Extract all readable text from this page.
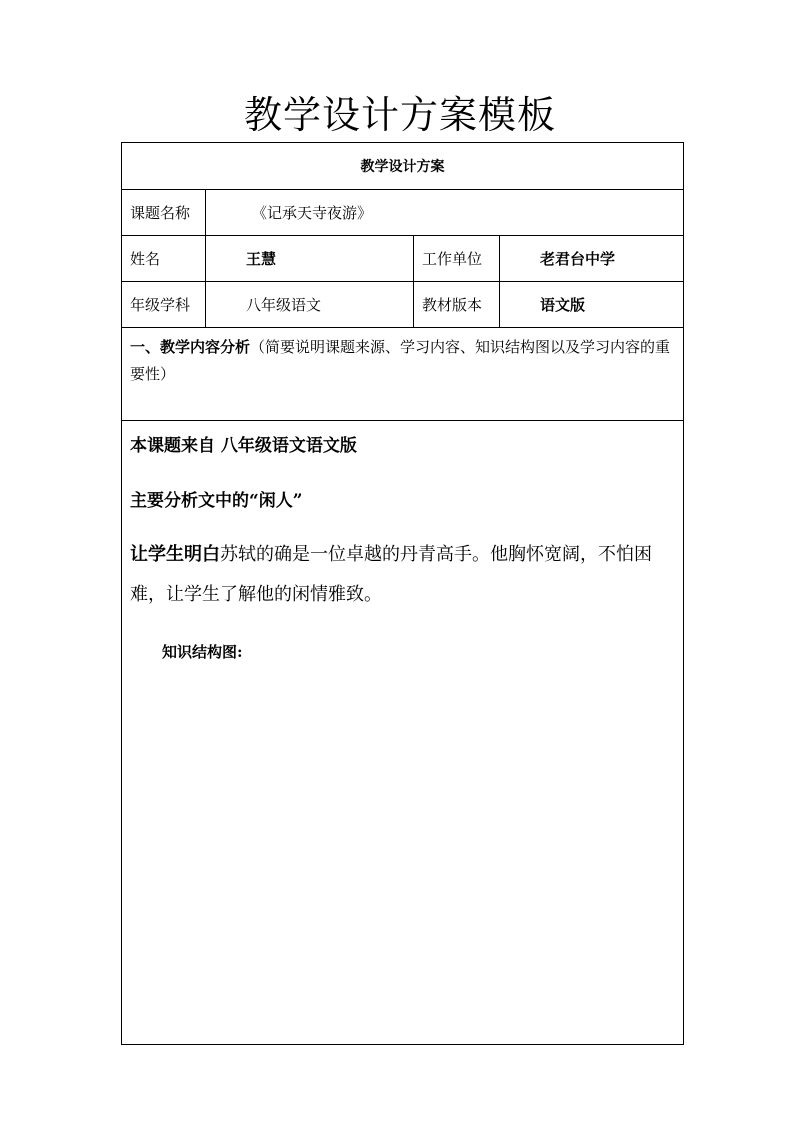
教学设计方案模板
教学设计方案			
课题名称	《记承天寺夜游》		
姓名	王慧	工作单位	老君台中学
年级学科	八年级语文	教材版本	语文版
一、教学内容分析（简要说明课题来源、学习内容、知识结构图以及学习内容的重要性）			

本课题来自 八年级语文语文版

主要分析文中的“闲人”

让学生明白苏轼的确是一位卓越的丹青高手。他胸怀宽阔，不怕困难，让学生了解他的闲情雅致。

知识结构图:			
